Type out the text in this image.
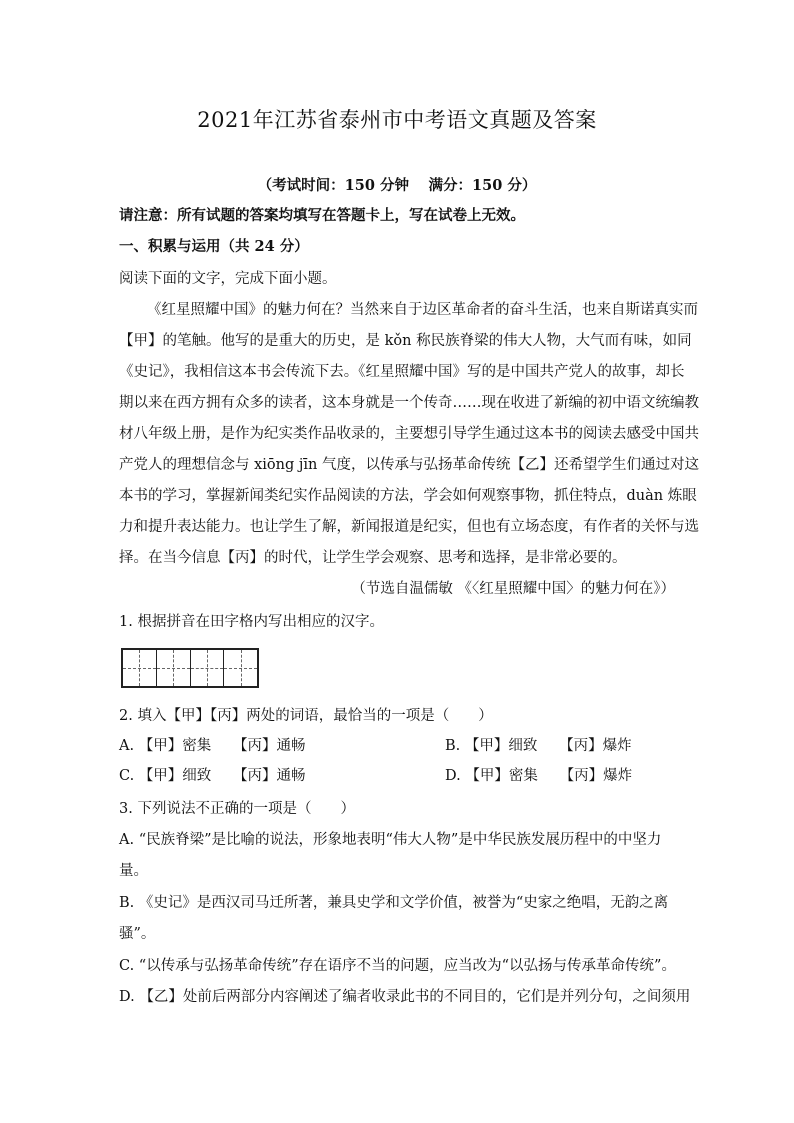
2021年江苏省泰州市中考语文真题及答案
（考试时间：150 分钟　 满分：150 分）
请注意：所有试题的答案均填写在答题卡上，写在试卷上无效。
一、积累与运用（共 24 分）
阅读下面的文字，完成下面小题。
《红星照耀中国》的魅力何在？当然来自于边区革命者的奋斗生活，也来自斯诺真实而
【甲】的笔触。他写的是重大的历史，是 kǒn 称民族脊梁的伟大人物，大气而有味，如同
《史记》，我相信这本书会传流下去。《红星照耀中国》写的是中国共产党人的故事，却长
期以来在西方拥有众多的读者，这本身就是一个传奇……现在收进了新编的初中语文统编教
材八年级上册，是作为纪实类作品收录的，主要想引导学生通过这本书的阅读去感受中国共
产党人的理想信念与 xiōng jīn 气度，以传承与弘扬革命传统【乙】还希望学生们通过对这
本书的学习，掌握新闻类纪实作品阅读的方法，学会如何观察事物，抓住特点，duàn 炼眼
力和提升表达能力。也让学生了解，新闻报道是纪实，但也有立场态度，有作者的关怀与选
择。在当今信息【丙】的时代，让学生学会观察、思考和选择，是非常必要的。
（节选自温儒敏 《〈红星照耀中国〉的魅力何在》）
1. 根据拼音在田字格内写出相应的汉字。
2. 填入【甲】【丙】两处的词语，最恰当的一项是（　　）
A. 【甲】密集　　【丙】通畅	B. 【甲】细致　　【丙】爆炸
C. 【甲】细致　　【丙】通畅	D. 【甲】密集　　【丙】爆炸
3. 下列说法不正确的一项是（　　）
A. “民族脊梁”是比喻的说法，形象地表明“伟大人物”是中华民族发展历程中的中坚力
量。
B. 《史记》是西汉司马迁所著，兼具史学和文学价值，被誉为“史家之绝唱，无韵之离
骚”。
C. “以传承与弘扬革命传统”存在语序不当的问题，应当改为“以弘扬与传承革命传统”。
D. 【乙】处前后两部分内容阐述了编者收录此书的不同目的，它们是并列分句，之间须用
